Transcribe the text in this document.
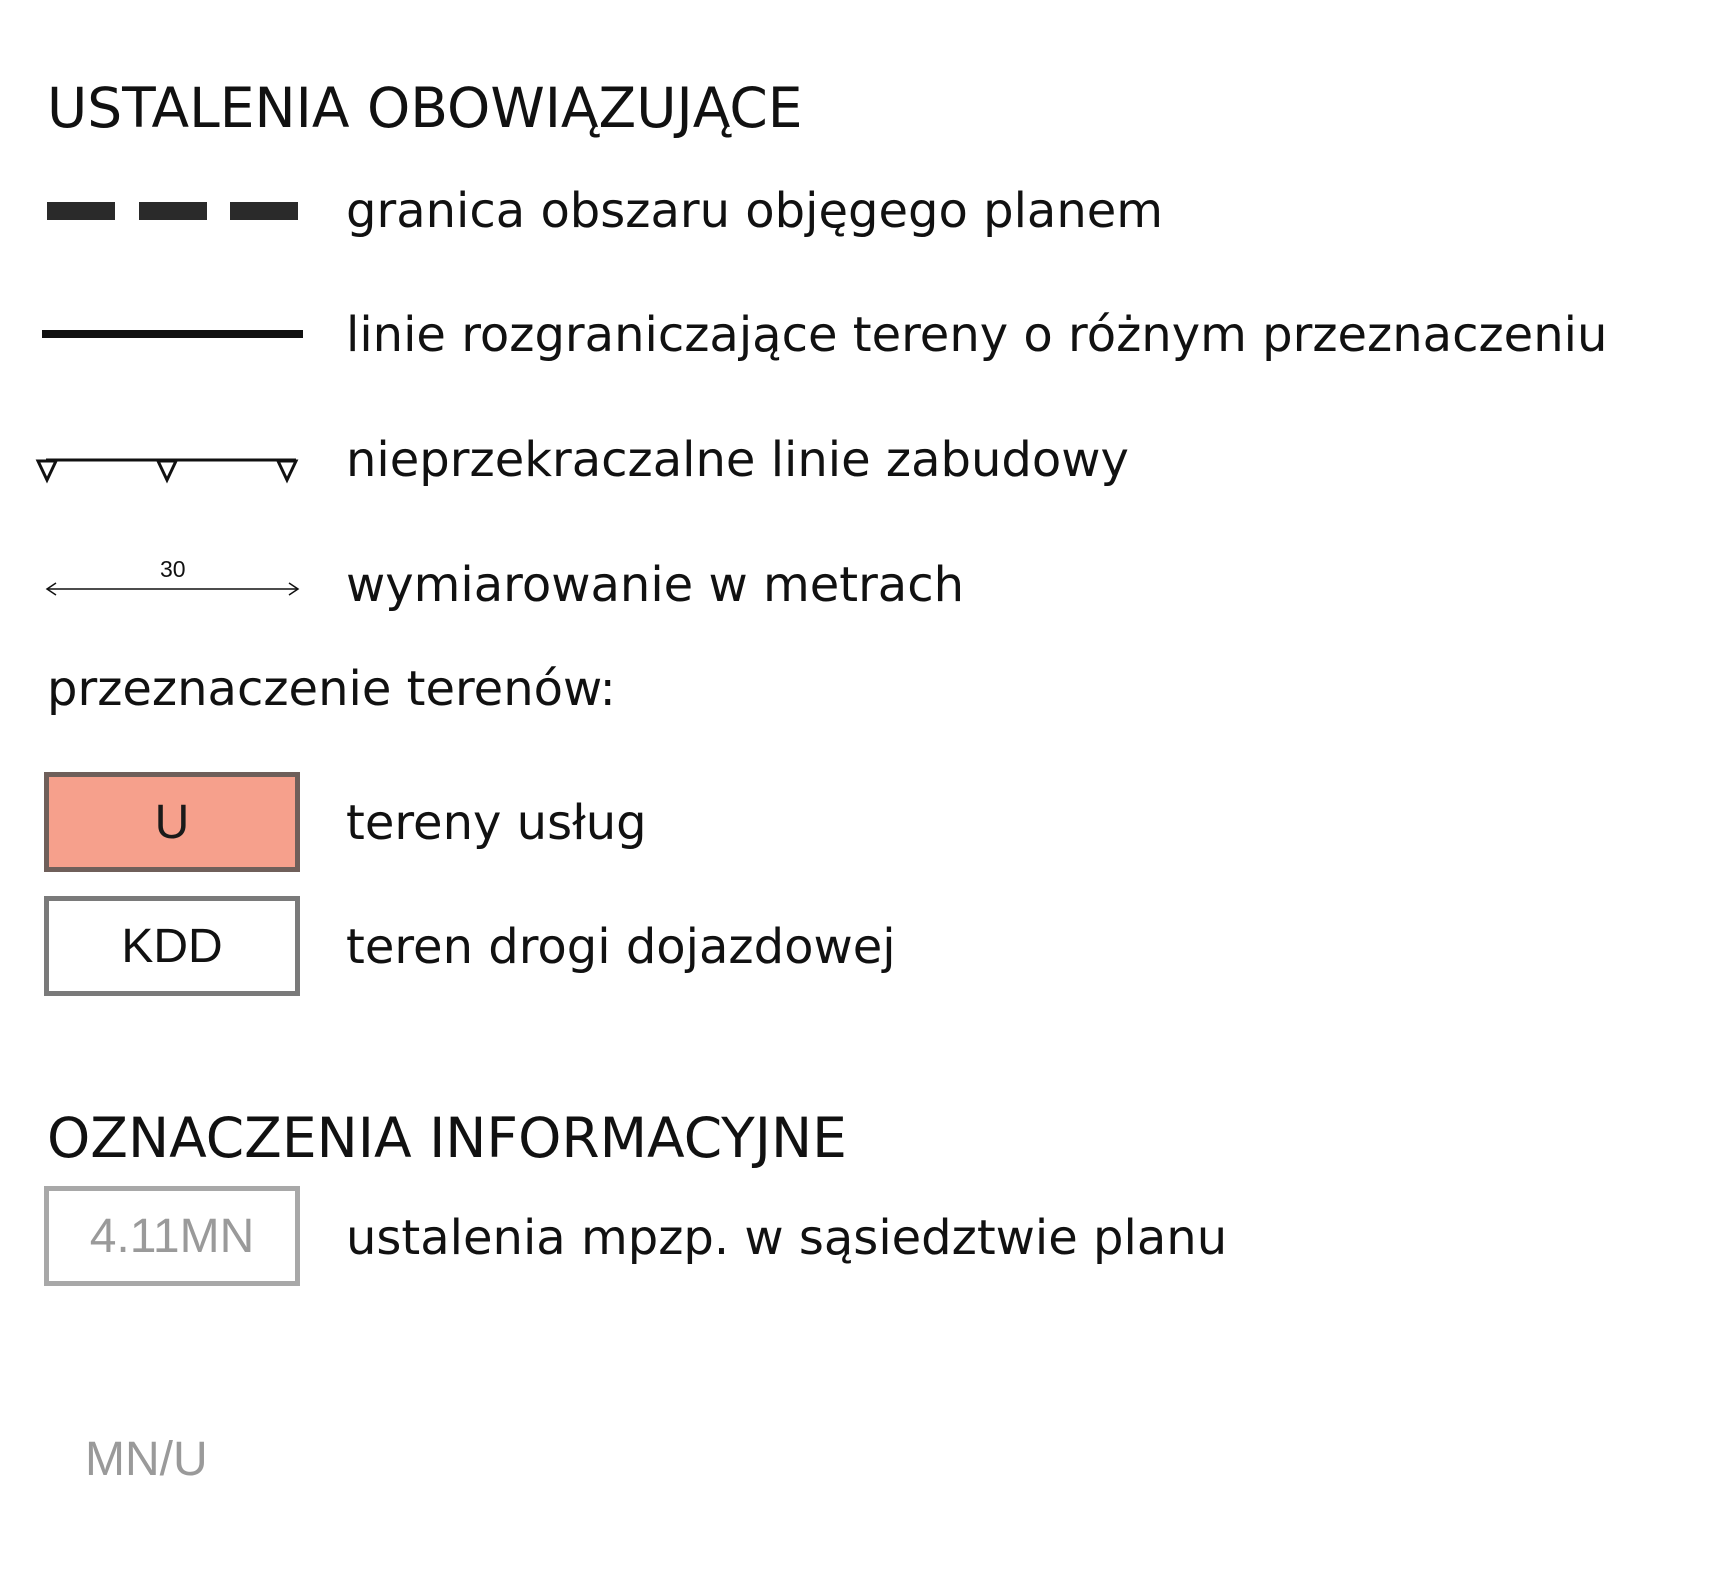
USTALENIA OBOWIĄZUJĄCE
granica obszaru objęgego planem
linie rozgraniczające tereny o różnym przeznaczeniu
nieprzekraczalne linie zabudowy
30	wymiarowanie w metrach
przeznaczenie terenów:
U	tereny usług
KDD	teren drogi dojazdowej
OZNACZENIA INFORMACYJNE
4.11MN ustalenia mpzp. w sąsiedztwie planu
MN/U
